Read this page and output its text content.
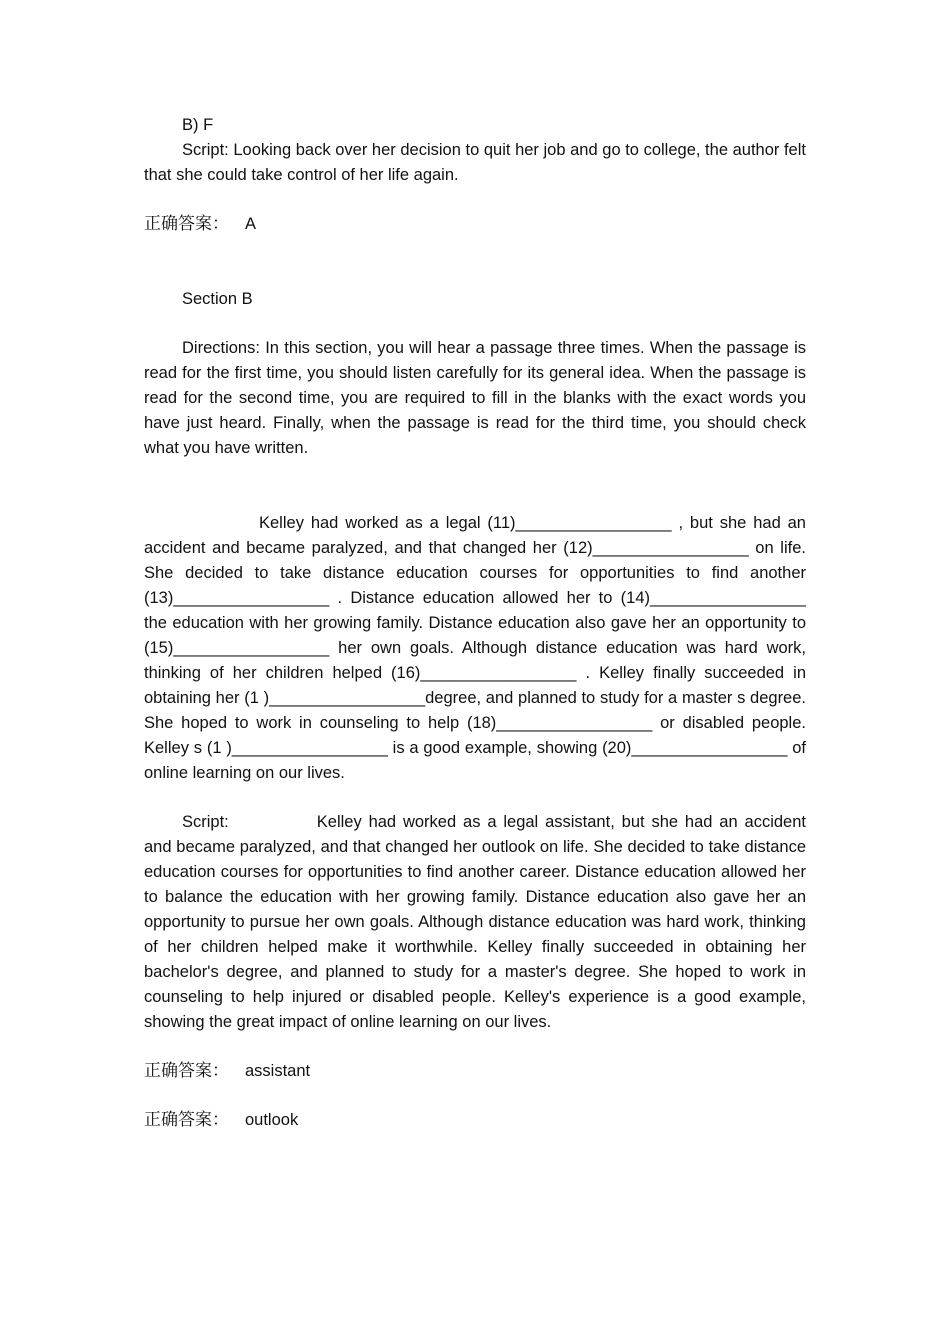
B) F

Script: Looking back over her decision to quit her job and go to college, the author felt that she could take control of her life again.

正确答案： A

Section B

Directions: In this section, you will hear a passage three times. When the passage is read for the first time, you should listen carefully for its general idea. When the passage is read for the second time, you are required to fill in the blanks with the exact words you have just heard. Finally, when the passage is read for the third time, you should check what you have written.

Kelley had worked as a legal (11)_________________ , but she had an accident and became paralyzed, and that changed her (12)_________________ on life. She decided to take distance education courses for opportunities to find another (13)_________________ . Distance education allowed her to (14)_________________ the education with her growing family. Distance education also gave her an opportunity to (15)_________________ her own goals. Although distance education was hard work, thinking of her children helped (16)_________________ . Kelley finally succeeded in obtaining her (1 )_________________degree, and planned to study for a master s degree. She hoped to work in counseling to help (18)_________________ or disabled people. Kelley s (1 )_________________ is a good example, showing (20)_________________ of online learning on our lives.

Script:	Kelley had worked as a legal assistant, but she had an accident and became paralyzed, and that changed her outlook on life. She decided to take distance education courses for opportunities to find another career. Distance education allowed her to balance the education with her growing family. Distance education also gave her an opportunity to pursue her own goals. Although distance education was hard work, thinking of her children helped make it worthwhile. Kelley finally succeeded in obtaining her bachelor's degree, and planned to study for a master's degree. She hoped to work in counseling to help injured or disabled people. Kelley's experience is a good example, showing the great impact of online learning on our lives.

正确答案： assistant

正确答案： outlook
